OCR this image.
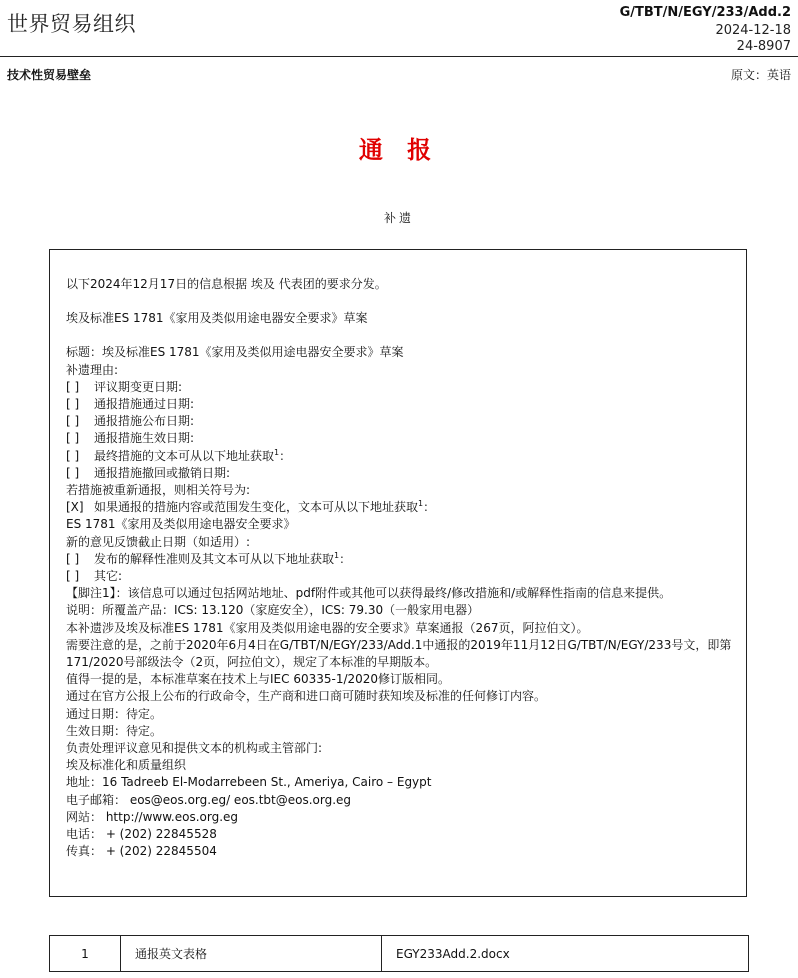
世界贸易组织	G/TBT/N/EGY/233/Add.2
2024-12-18
24-8907
技术性贸易壁垒	原文：英语
通 报
补遗
以下2024年12月17日的信息根据 埃及 代表团的要求分发。
埃及标准ES 1781《家用及类似用途电器安全要求》草案
标题：埃及标准ES 1781《家用及类似用途电器安全要求》草案
补遗理由:
[ ] 评议期变更日期:
[ ] 通报措施通过日期:
[ ] 通报措施公布日期:
[ ] 通报措施生效日期:
[ ] 最终措施的文本可从以下地址获取$^1$：
[ ] 通报措施撤回或撤销日期:
若措施被重新通报，则相关符号为:
[X] 如果通报的措施内容或范围发生变化，文本可从以下地址获取$^1$：
ES 1781《家用及类似用途电器安全要求》
新的意见反馈截止日期（如适用）:
[ ] 发布的解释性准则及其文本可从以下地址获取$^1$：
[ ] 其它:
【脚注1】：该信息可以通过包括网站地址、pdf附件或其他可以获得最终/修改措施和/或解释性指南的信息来提供。
说明：所覆盖产品：ICS: 13.120（家庭安全），ICS: 79.30（一般家用电器）
本补遗涉及埃及标准ES 1781《家用及类似用途电器的安全要求》草案通报（267页，阿拉伯文）。
需要注意的是，之前于2020年6月4日在G/TBT/N/EGY/233/Add.1中通报的2019年11月12日G/TBT/N/EGY/233号文，即第171/2020号部级法令（2页，阿拉伯文），规定了本标准的早期版本。
值得一提的是，本标准草案在技术上与IEC 60335-1/2020修订版相同。
通过在官方公报上公布的行政命令，生产商和进口商可随时获知埃及标准的任何修订内容。
通过日期：待定。
生效日期：待定。
负责处理评议意见和提供文本的机构或主管部门:
埃及标准化和质量组织
地址：16 Tadreeb El-Modarrebeen St., Ameriya, Cairo – Egypt
电子邮箱： eos@eos.org.eg/ eos.tbt@eos.org.eg
网站： http://www.eos.org.eg
电话： + (202) 22845528
传真： + (202) 22845504
1	通报英文表格	EGY233Add.2.docx
